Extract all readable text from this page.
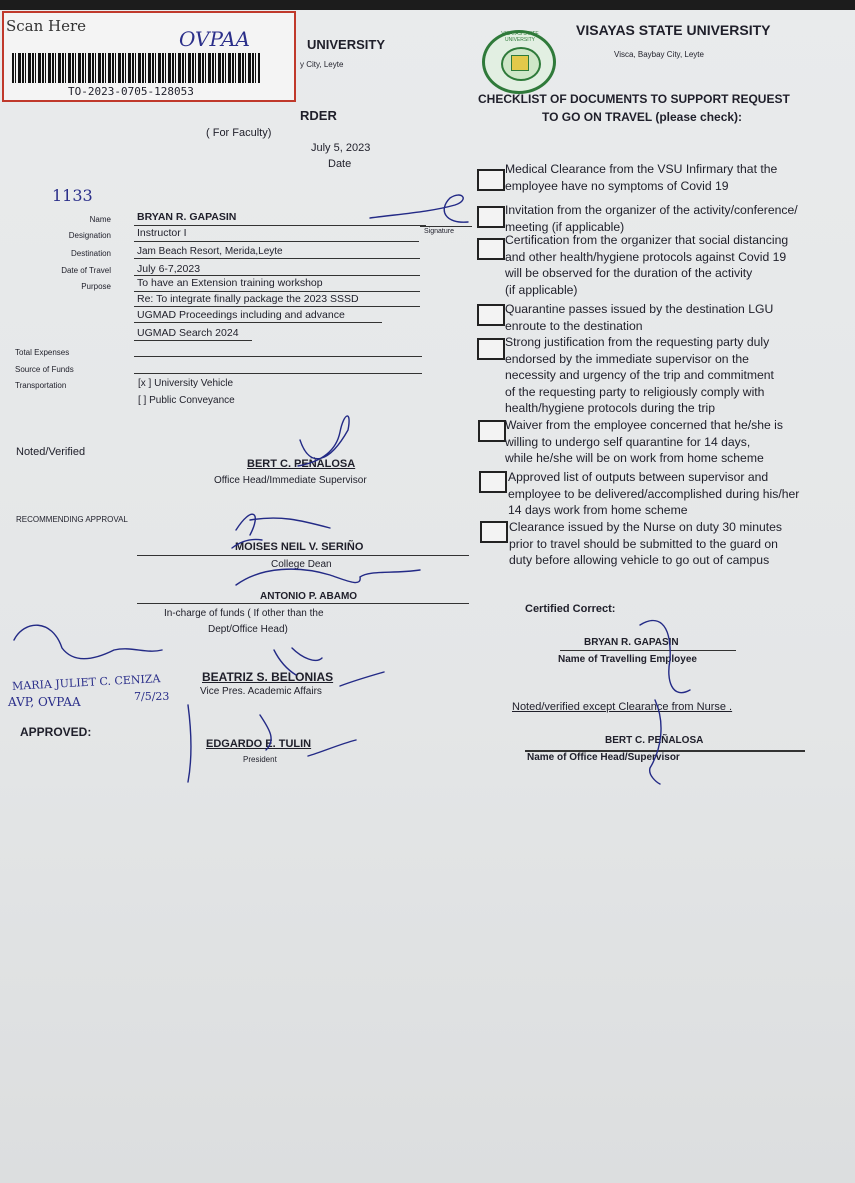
Scan Here
OVPAA
TO-2023-0705-128053
UNIVERSITY
y City, Leyte
RDER
( For Faculty)
July 5, 2023
Date
1133
VISAYAS STATE UNIVERSITY
VISAYAS STATE UNIVERSITY
Visca, Baybay City, Leyte
CHECKLIST OF DOCUMENTS TO SUPPORT REQUEST
TO GO ON TRAVEL (please check):
Name BRYAN R. GAPASIN
Signature
Designation Instructor I
Destination	Jam Beach Resort, Merida,Leyte
Date of Travel July 6-7,2023
Purpose To have an Extension training workshop
Re: To integrate finally package the 2023 SSSD
UGMAD Proceedings including and advance
UGMAD Search 2024
Total Expenses
Source of Funds
Transportation	[x ] University Vehicle
[ ] Public Conveyance
Noted/Verified
BERT C. PEÑALOSA
Office Head/Immediate Supervisor
RECOMMENDING APPROVAL
MOISES NEIL V. SERIÑO
College Dean
ANTONIO P. ABAMO
In-charge of funds ( If other than the
Dept/Office Head)
BEATRIZ S. BELONIAS
Vice Pres. Academic Affairs
MARIA JULIET C. CENIZA
AVP, OVPAA	7/5/23
APPROVED:
EDGARDO E. TULIN
President
Medical Clearance from the VSU Infirmary that the
employee have no symptoms of Covid 19
Invitation from the organizer of the activity/conference/
meeting (if applicable)
Certification from the organizer that social distancing
and other health/hygiene protocols against Covid 19
will be observed for the duration of the activity
(if applicable)
Quarantine passes issued by the destination LGU
enroute to the destination
Strong justification from the requesting party duly
endorsed by the immediate supervisor on the
necessity and urgency of the trip and commitment
of the requesting party to religiously comply with
health/hygiene protocols during the trip
Waiver from the employee concerned that he/she is
willing to undergo self quarantine for 14 days,
while he/she will be on work from home scheme
Approved list of outputs between supervisor and
employee to be delivered/accomplished during his/her
14 days work from home scheme
Clearance issued by the Nurse on duty 30 minutes
prior to travel should be submitted to the guard on
duty before allowing vehicle to go out of campus
Certified Correct:
BRYAN R. GAPASIN
Name of Travelling Employee
Noted/verified except Clearance from Nurse .
BERT C. PEÑALOSA
Name of Office Head/Supervisor
